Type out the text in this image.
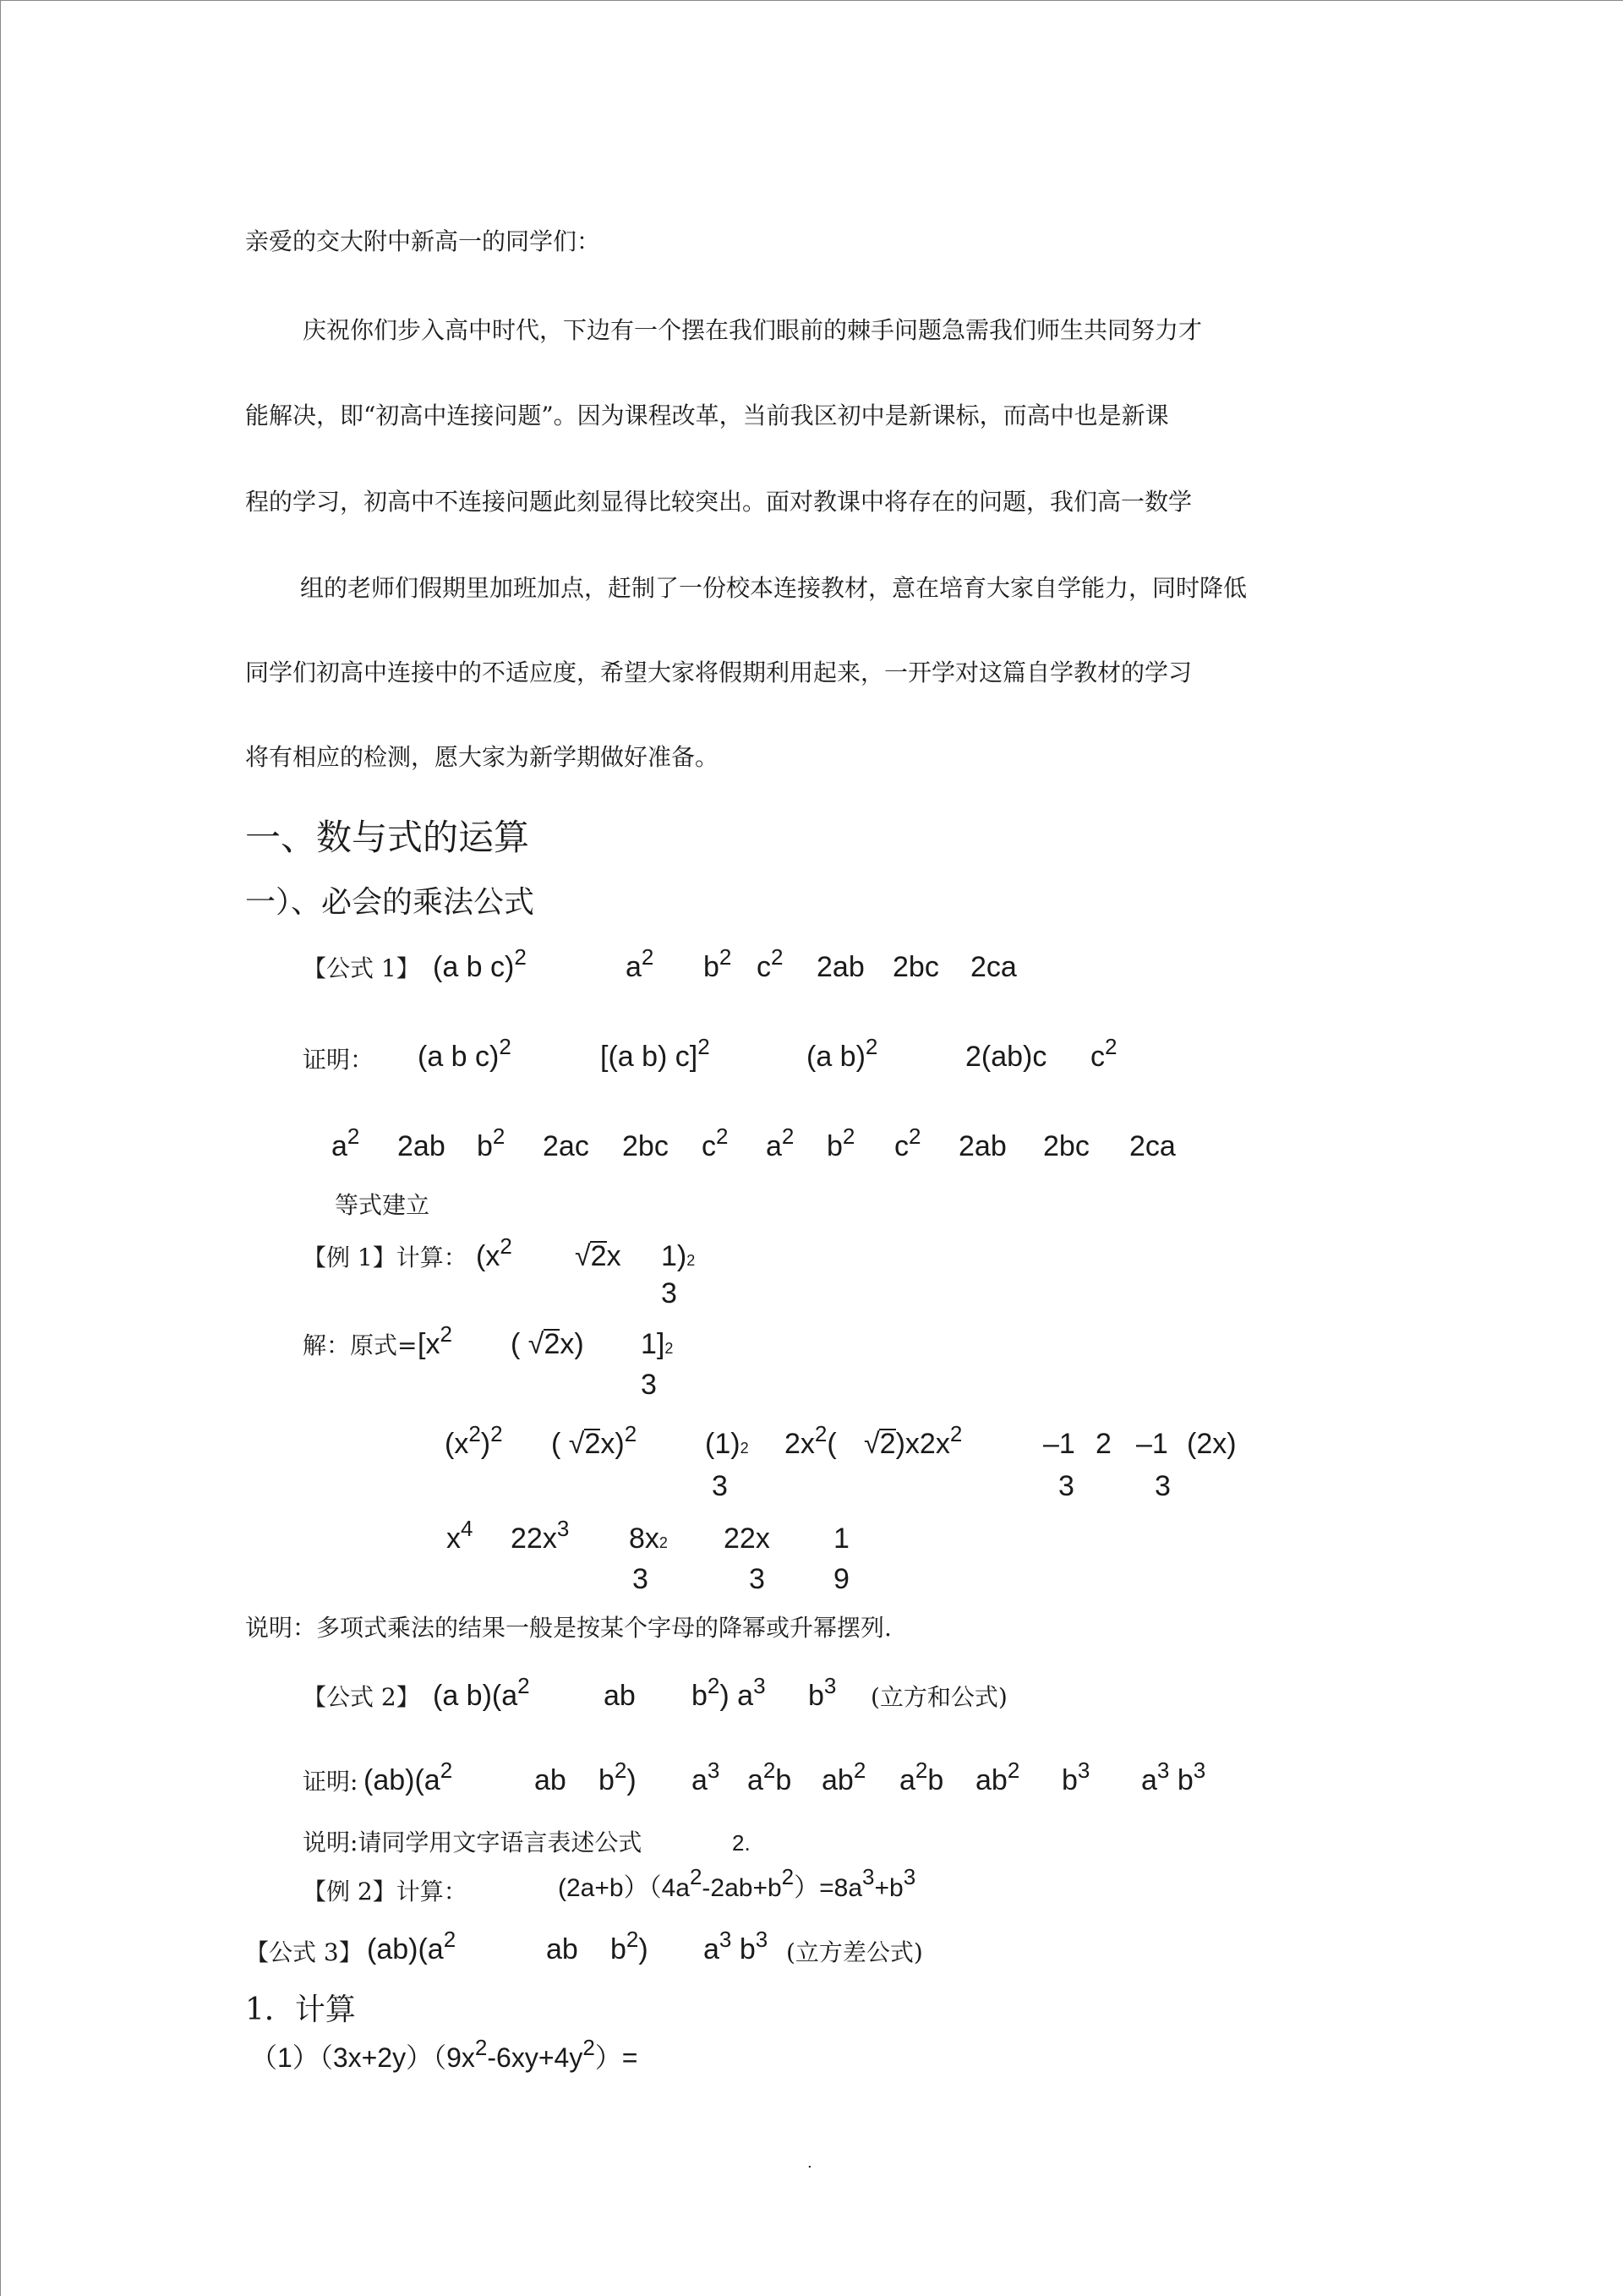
亲爱的交大附中新高一的同学们：
庆祝你们步入高中时代，下边有一个摆在我们眼前的棘手问题急需我们师生共同努力才
能解决，即“初高中连接问题”。因为课程改革，当前我区初中是新课标，而高中也是新课
程的学习，初高中不连接问题此刻显得比较突出。面对教课中将存在的问题，我们高一数学
组的老师们假期里加班加点，赶制了一份校本连接教材，意在培育大家自学能力，同时降低
同学们初高中连接中的不适应度，希望大家将假期利用起来，一开学对这篇自学教材的学习
将有相应的检测，愿大家为新学期做好准备。
一、数与式的运算
一）、必会的乘法公式
【公式 1】 (a b c)$^2$	$a^2$ $b^2$ $c^2$ 2ab 2bc 2ca
证明： (a b c)$^2$	[(a b) c]$^2$	(a b)$^2$	2(ab)c $c^2$
$a^2$ 2ab $b^2$ 2ac 2bc $c^2$ $a^2$ $b^2$ $c^2$ 2ab 2bc 2ca
等式建立
【例 1】计算： ($x^2$ √2
x 1)2
3
解：原式= [$x^2$ ( √2
x) 1]2
3
$(x^2)^2$ ( √2
x)$^2$ (1)2 $2x^2$( √2
)$x2x^2$	–1 2 –1 (2x)
3	3	3
$x^4$ $22x^3$ 8x2 22x 1
3	3 9
说明：多项式乘法的结果一般是按某个字母的降幂或升幂摆列.
【公式 2】 (a $b)(a^2$	ab $b^2$) $a^3$ $b^3$ (立方和公式)
证明: $(ab)(a^2$	ab $b^2$) $a^3$ $a^2b$ $ab^2$ $a^2b$ $ab^2$ $b^3$ $a^3$ $b^3$
说明:请同学用文字语言表述公式	2.
【例 2】计算：	(2a+b）（4a2-2ab+b2）=8a3+b3
【公式 3】 $(ab)(a^2$	ab $b^2$) $a^3$ $b^3$ (立方差公式)
1．计算
$(1)(3x+2y)(9x^2-6xy+4y^2)=$
.
